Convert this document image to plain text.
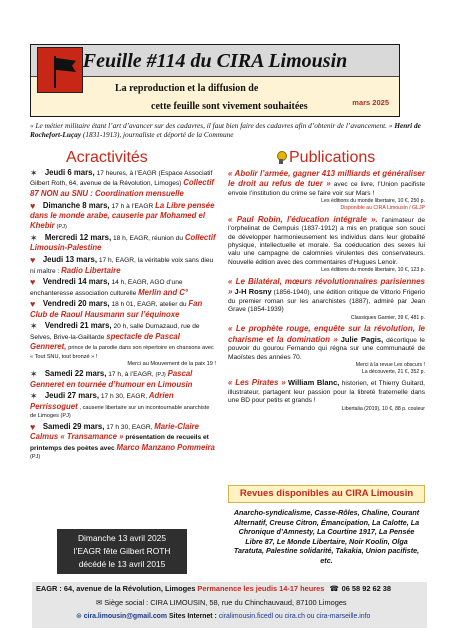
Feuille #114 du CIRA Limousin
La reproduction et la diffusion de
cette feuille sont vivement souhaitées	mars 2025
« Le métier militaire étant l’art d’avancer sur des cadavres, il faut bien faire des cadavres afin d’obtenir de l’avancement. » Henri de Rochefort-Luçay (1831-1913), journaliste et déporté de la Commune
Acractivités	Publications
✶ Jeudi 6 mars, 17 heures, à l’EAGR (Espace Associatif Gilbert Roth, 64, avenue de la Révolution, Limoges) Collectif 87 NON au SNU : Coordination mensuelle
♥ Dimanche 8 mars, 17 h à l’EAGR La Libre pensée dans le monde arabe, causerie par Mohamed el Khebir (PJ)
✶ Mercredi 12 mars, 18 h, EAGR, réunion du Collectif Limousin-Palestine
♥ Jeudi 13 mars, 17 h, EAGR, la véritable voix sans dieu ni maître : Radio Libertaire
♥ Vendredi 14 mars, 14 h, EAGR, AGO d’une enchanteresse association culturelle Merlin and C°
♥ Vendredi 20 mars, 18 h 01, EAGR, atelier du Fan Club de Raoul Hausmann sur l’équinoxe
✶ Vendredi 21 mars, 20 h, salle Dumazaud, rue de Selves, Brive-la-Gaillarde spectacle de Pascal Genneret, prince de la parodie dans son répertoire en chansons avec « Tout SNU, tout bronzé » !
Merci au Mouvement de la paix 19 !
✶ Samedi 22 mars, 17 h, à l’EAGR, (PJ) Pascal Genneret en tournée d’humour en Limousin
✶ Jeudi 27 mars, 17 h 30, EAGR, Adrien Perrissoguet , causerie libertaire sur un incontournable anarchiste de Limoges (PJ)
♥ Samedi 29 mars, 17 h 30, EAGR, Marie-Claire Calmus « Transamance » présentation de recueils et printemps des poètes avec Marco Manzano Pommeira (PJ)
Dimanche 13 avril 2025
l’EAGR fête Gilbert ROTH
décédé le 13 avril 2015
« Abolir l’armée, gagner 413 milliards et généraliser le droit au refus de tuer » avec ce livre, l’Union pacifiste envoie l’institution du crime se faire voir sur Mars !
Les éditions du monde libertaire, 10 €, 250 p.
Disponible au CIRA Limousin / GLJP
« Paul Robin, l’éducation intégrale ». l’animateur de l’orphelinat de Cempuis (1837-1912) a mis en pratique son souci de développer harmonieusement les individus dans leur globalité physique, intellectuelle et morale. Sa coéducation des sexes lui valu une campagne de calomnies virulentes des conservateurs. Nouvelle édition avec des commentaires d’Hugues Lenoir.
Les éditions du monde libertaire, 10 €, 123 p.
« Le Bilatéral, mœurs révolutionnaires parisiennes » J-H Rosny (1856-1940), une édition critique de Vittorio Frigerio du premier roman sur les anarchistes (1887), admiré par Jean Grave (1854-1939)
Classiques Garnier, 39 €, 481 p.
« Le prophète rouge, enquête sur la révolution, le charisme et la domination » Julie Pagis, décortique le pouvoir du gourou Fernando qui régna sur une communauté de Maoïstes des années 70.
Merci à la revue Les obscurs !
La découverte, 21 €, 352 p.
« Les Pirates » William Blanc, historien, et Thierry Guitard, illustrateur, partagent leur passion pour la libreté fraternelle dans une BD pour petits et grands !
Libertalia (2019), 10 €, 88 p. couleur
Revues disponibles au CIRA Limousin
Anarcho-syndicalisme, Casse-Rôles, Chaline, Courant Alternatif, Creuse Citron, Émancipation, La Calotte, La Chronique d’Amnesty, La Courtine 1917, La Pensée Libre 87, Le Monde Libertaire, Noir Koolin, Olga Taratuta, Palestine solidarité, Takakia, Union pacifiste, etc.
EAGR : 64, avenue de la Révolution, Limoges Permanence les jeudis 14-17 heures ☎ 06 58 92 62 38
✉ Siège social : CIRA LIMOUSIN, 58, rue du Chinchauvaud, 87100 Limoges
⊛ cira.limousin@gmail.com Sites Internet : ciralimousin.ficedl ou cira.ch ou cira-marseille.info
